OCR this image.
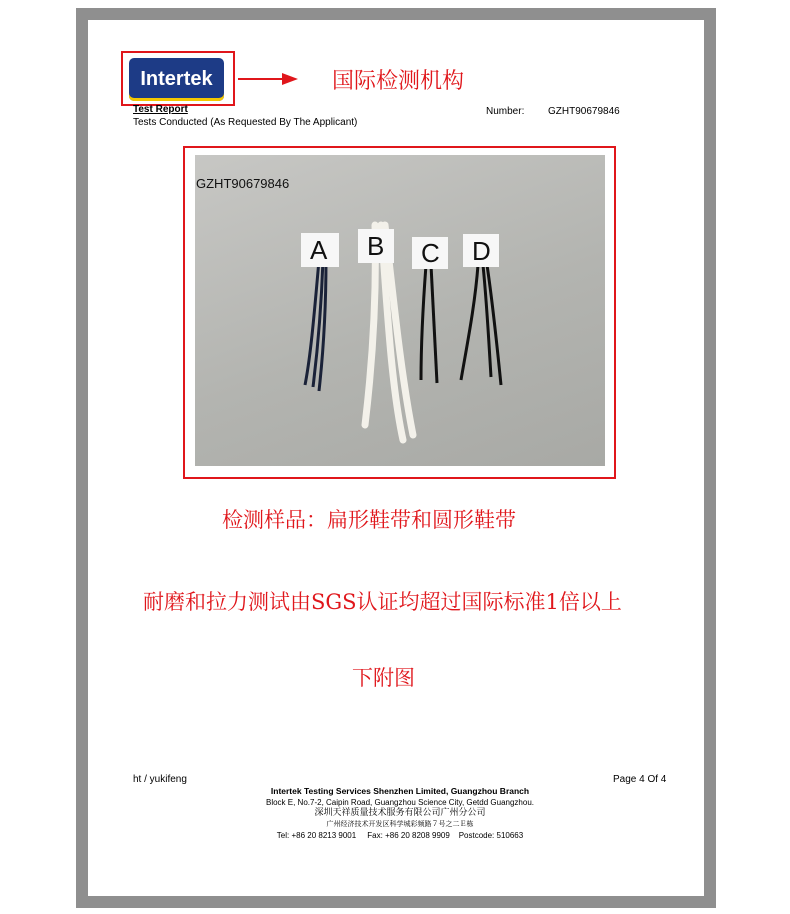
Intertek	国际检测机构
Test Report
Tests Conducted (As Requested By The Applicant)
Number: GZHT90679846
A B C D
GZHT90679846
检测样品：扁形鞋带和圆形鞋带
耐磨和拉力测试由SGS认证均超过国际标准1倍以上
下附图
ht / yukifeng	Page 4 Of 4
Intertek Testing Services Shenzhen Limited, Guangzhou Branch
Block E, No.7-2, Caipin Road, Guangzhou Science City, Getdd Guangzhou.
深圳天祥质量技术服务有限公司广州分公司
广州经济技术开发区科学城彩频路７号之二Ｅ栋
Tel: +86 20 8213 9001     Fax: +86 20 8208 9909    Postcode: 510663
